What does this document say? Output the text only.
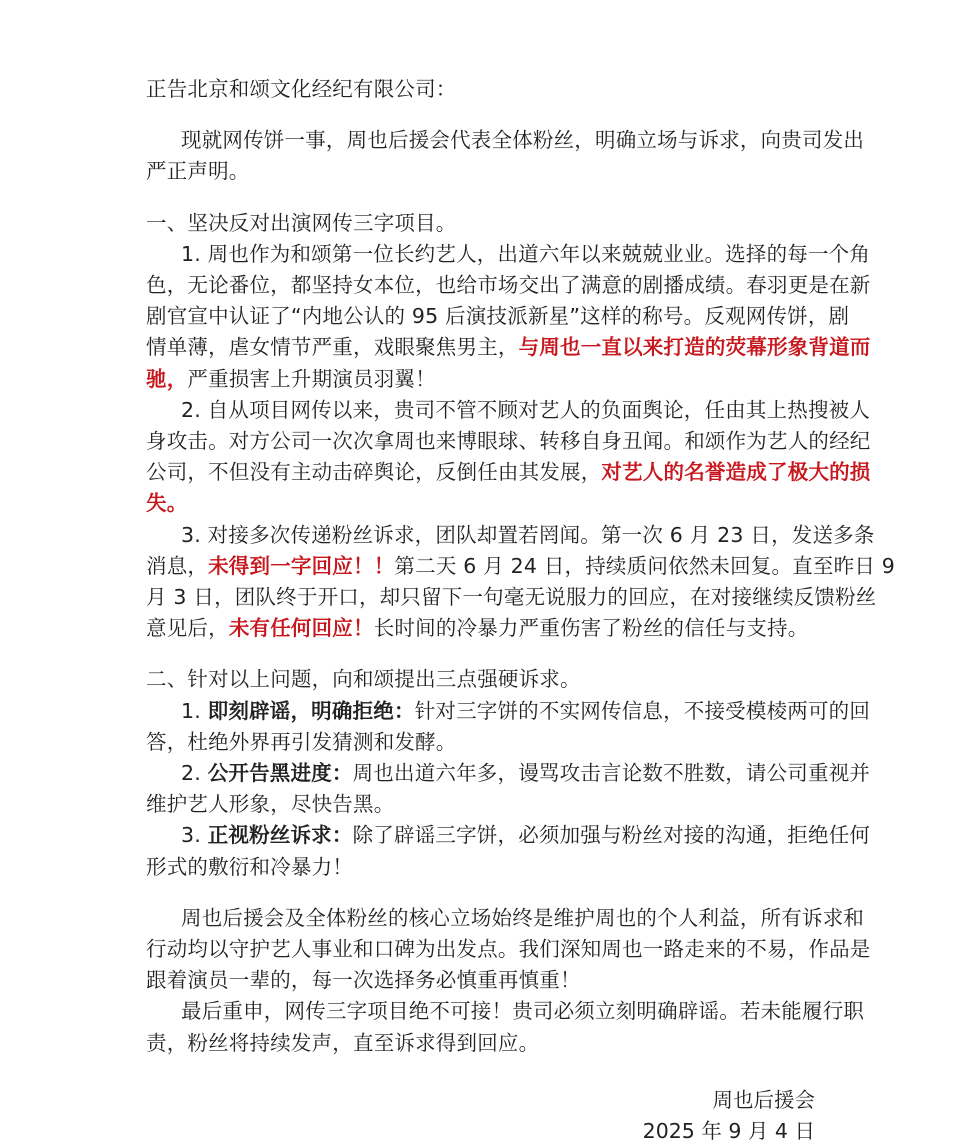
正告北京和颂文化经纪有限公司：

现就网传饼一事，周也后援会代表全体粉丝，明确立场与诉求，向贵司发出

严正声明。

一、坚决反对出演网传三字项目。

1. 周也作为和颂第一位长约艺人，出道六年以来兢兢业业。选择的每一个角

色，无论番位，都坚持女本位，也给市场交出了满意的剧播成绩。春羽更是在新

剧官宣中认证了“内地公认的 95 后演技派新星”这样的称号。反观网传饼，剧

情单薄，虐女情节严重，戏眼聚焦男主，与周也一直以来打造的荧幕形象背道而

驰，严重损害上升期演员羽翼！

2. 自从项目网传以来，贵司不管不顾对艺人的负面舆论，任由其上热搜被人

身攻击。对方公司一次次拿周也来博眼球、转移自身丑闻。和颂作为艺人的经纪

公司，不但没有主动击碎舆论，反倒任由其发展，对艺人的名誉造成了极大的损

失。

3. 对接多次传递粉丝诉求，团队却置若罔闻。第一次 6 月 23 日，发送多条

消息，未得到一字回应！！第二天 6 月 24 日，持续质问依然未回复。直至昨日 9

月 3 日，团队终于开口，却只留下一句毫无说服力的回应，在对接继续反馈粉丝

意见后，未有任何回应！长时间的冷暴力严重伤害了粉丝的信任与支持。

二、针对以上问题，向和颂提出三点强硬诉求。

1. 即刻辟谣，明确拒绝：针对三字饼的不实网传信息，不接受模棱两可的回

答，杜绝外界再引发猜测和发酵。

2. 公开告黑进度：周也出道六年多，谩骂攻击言论数不胜数，请公司重视并

维护艺人形象，尽快告黑。

3. 正视粉丝诉求：除了辟谣三字饼，必须加强与粉丝对接的沟通，拒绝任何

形式的敷衍和冷暴力！

周也后援会及全体粉丝的核心立场始终是维护周也的个人利益，所有诉求和

行动均以守护艺人事业和口碑为出发点。我们深知周也一路走来的不易，作品是

跟着演员一辈的，每一次选择务必慎重再慎重！

最后重申，网传三字项目绝不可接！贵司必须立刻明确辟谣。若未能履行职

责，粉丝将持续发声，直至诉求得到回应。

周也后援会
2025 年 9 月 4 日
